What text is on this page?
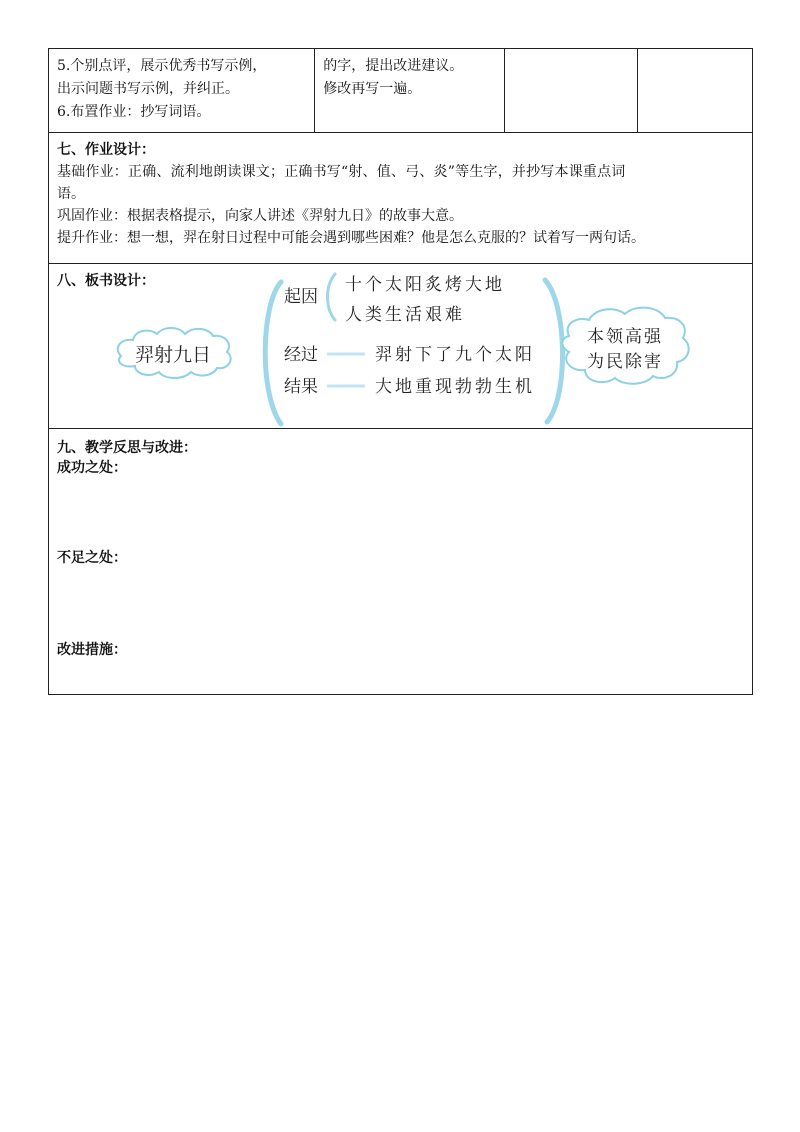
5.个别点评，展示优秀书写示例，
出示问题书写示例，并纠正。
6.布置作业：抄写词语。
的字，提出改进建议。
修改再写一遍。
七、作业设计：
基础作业：正确、流利地朗读课文；正确书写“射、值、弓、炎”等生字，并抄写本课重点词
语。
巩固作业：根据表格提示，向家人讲述《羿射九日》的故事大意。
提升作业：想一想，羿在射日过程中可能会遇到哪些困难？他是怎么克服的？试着写一两句话。
八、板书设计：
羿射九日
起因
十个太阳炙烤大地
人类生活艰难
经过	羿射下了九个太阳
结果	大地重现勃勃生机
本领高强
为民除害
九、教学反思与改进：
成功之处：
不足之处：
改进措施：
